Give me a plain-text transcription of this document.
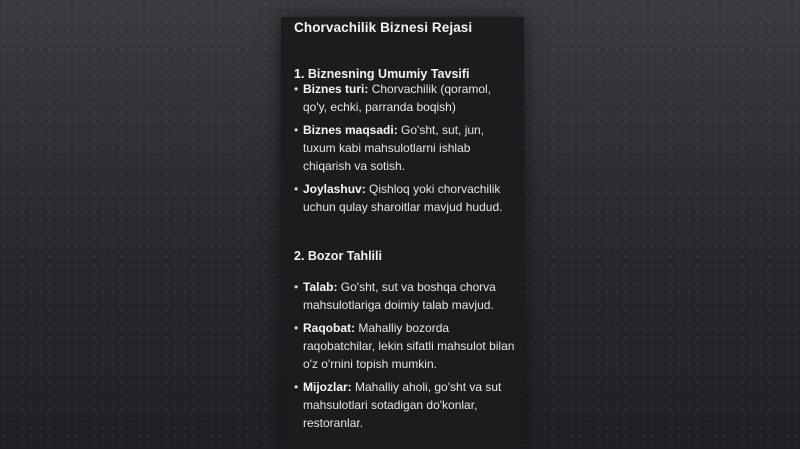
Chorvachilik Biznesi Rejasi
1. Biznesning Umumiy Tavsifi
• Biznes turi: Chorvachilik (qoramol, qo'y, echki, parranda boqish)
• Biznes maqsadi: Go'sht, sut, jun, tuxum kabi mahsulotlarni ishlab chiqarish va sotish.
• Joylashuv: Qishloq yoki chorvachilik uchun qulay sharoitlar mavjud hudud.
2. Bozor Tahlili
• Talab: Go'sht, sut va boshqa chorva mahsulotlariga doimiy talab mavjud.
• Raqobat: Mahalliy bozorda raqobatchilar, lekin sifatli mahsulot bilan o'z o'rnini topish mumkin.
• Mijozlar: Mahalliy aholi, go'sht va sut mahsulotlari sotadigan do'konlar, restoranlar.
